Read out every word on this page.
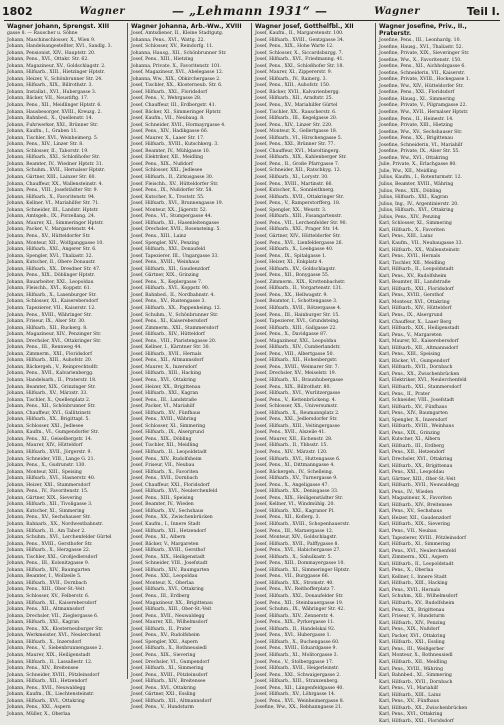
1802	Wagner	— „Lehmann 1931“ —	Wagner	Teil I.
Wagner Johann, Sprengst. XIII
gasse 8. — Rauscher u. Söhne
Johann, Maschinschlosser, X., Wien 9.
Johann, Handelsangestellter, XVI., Sandlg. 3.
Johann, Pensionist, XIV., Hauptstr. 20.
Johann, Pens., XVI., Ottakr. Str. 62.
Johann, Magazineur, XV., Goldschlagstr. 2.
Johann, Hilfsarb., XIII., Hietzinger Hptstr.
Johann, Heizer, V., Schönbrunner Str. 24.
Johann, Hilfsarb., XIX., Billrothstr. 3.
Johann, Installat., XVI., Hubergasse 3.
Johann, Bäcker, VII., Neustiftg. 17.
Johann, Pens., XII., Meidlinger Hptstr. 6.
Johann, Hausbesorger, XVIII., Kreuzg. 2.
Johann, Bahnbed., X., Quellenstr. 14.
Johann, Fuhrwerker, XXI., Brünner Str.
Johann, Kaufm., I., Graben 11.
Johann, Tischler, XVI., Weinheimerg. 5.
Johann, Pens., XIV., Linzer Str. 8.
Johann, Schlosser, II., Taborstr. 19.
Johann, Hilfsarb., XXI., Schloßhofer Str.
Johann, Beamter, IV., Wiedner Hptstr. 31.
Johann, Schuhm., XVII., Hernalser Hptstr.
Johann, Gärtner, XIII., Lainzer Str. 60.
Johann, Chauffeur, XX., Wallensteinstr. 4.
Johann, Pens., VIII., Josefstädter Str. 9.
Johann, Hilfsarb., X., Favoritenstr. 94.
Johann, Kellner, VI., Mariahilfer Str. 71.
Johann, Schneider, III., Landstr. Hptstr.
Johann, Amtsgeh., IX., Porzellang. 24.
Johann, Maurer, XI., Simmeringer Hptstr.
Johann, Packer, V., Margaretenstr. 44.
Johann, Pens., XV., Hütteldorfer Str.
Johann, Monteur, XII., Wolfganggasse 10.
Johann, Hilfsarb., XXI., Angerer Str. 6.
Johann, Spengler, XVI., Thaliastr. 32.
Johann, Kutscher, II., Obere Donaustr.
Johann, Hilfsarb., XX., Dresdner Str. 47.
Johann, Pens., XIX., Döblinger Hptstr.
Johann, Bauarbeiter, XXI., Leopoldau
Johann, Fleischh., XVI., Koppstr. 61.
Johann, Hilfsarb., X., Laxenburger Str.
Johann, Schlosser, XI., Kaiserebersdorf
Johann, Tapezierer, VII., Kaiserstr. 12.
Johann, Pens., XVIII., Währinger Str.
Johann, Friseur, IX., Alser Str. 30.
Johann, Hilfsarb., XII., Ruckerg. 8.
Johann, Magazineur, XIV., Penzinger Str.
Johann, Drechsler, XVI., Ottakringer Str.
Johann, Pens., III., Rennweg 44.
Johann, Zimmerm., XXI., Floridsdorf
Johann, Hilfsarb., XIII., Auhofstr. 20.
Johann, Bäckergeh., V., Reinprechtsdfr.
Johann, Pens., XVII., Kalvarienbergg.
Johann, Handelsarb., II., Praterstr. 18.
Johann, Beamter, XIX., Grinzinger Str.
Johann, Hilfsarb., XV., Märzstr. 33.
Johann, Tischler, X., Quellenplatz 2.
Johann, Pens., XII., Schönbrunner Str.
Johann, Chauffeur, XVI., Gallitzinstr.
Johann, Hilfsarb., XX., Brigittapl. 5.
Johann, Schlosser, XXI., Jedlesee
Johann, Kaufm., VI., Gumpendorfer Str.
Johann, Pens., XI., Geiselbergstr. 14.
Johann, Maurer, XIV., Hütteldorf
Johann, Hilfsarb., XVII., Jörgerstr. 9.
Johann, Schneider, VIII., Lange G. 21.
Johann, Pens., X., Gudrunstr. 130.
Johann, Monteur, XIII., Speising
Johann, Hilfsarb., XVI., Hasnerstr. 40.
Johann, Heizer, XXI., Stammersdorf
Johann, Pens., IV., Favoritenstr. 15.
Johann, Gärtner, XIX., Sievering
Johann, Hilfsarb., XII., Tivoligasse 3.
Johann, Kutscher, XI., Simmering
Johann, Pens., XV., Sechshauser Str.
Johann, Bahnarb., XX., Nordwestbahnstr.
Johann, Hilfsarb., II., Am Tabor 2.
Johann, Schuhm., XVI., Lerchenfelder Gürtel
Johann, Pens., XVIII., Gersthofer Str.
Johann, Hilfsarb., X., Herzgasse 22.
Johann, Tischler, XXI., Großjedlersdorf
Johann, Pens., III., Kolonitzgasse 9.
Johann, Hilfsarb., XIV., Baumgarten
Johann, Beamter, I., Wollzeile 5.
Johann, Hilfsarb., XVII., Dornbach
Johann, Pens., XIII., Ober-St.-Veit
Johann, Schlosser, XV., Felberstr. 6.
Johann, Hilfsarb., XI., Kaiserebersdorf
Johann, Pens., XII., Altmannsdorf
Johann, Drechsler, VII., Zieglergasse 6.
Johann, Hilfsarb., XXI., Kagran
Johann, Pens., XX., Klosterneuburger Str.
Johann, Werkmeister, XVI., Neulerchenf.
Johann, Hilfsarb., X., Inzersdorf
Johann, Pens., V., Siebenbrunnengasse 2.
Johann, Maurer, XIX., Heiligenstadt
Johann, Hilfsarb., II., Lassallestr. 12.
Johann, Pens., XIV., Breitensee
Johann, Schneider, XVIII., Pötzleinsdorf
Johann, Hilfsarb., XII., Hetzendorf
Johann, Pens., XVII., Neuwaldegg
Johann, Kaufm., IX., Liechtensteinstr.
Johann, Hilfsarb., XVI., Ottakring
Johann, Pens., XXI., Aspern
Johann, Müller, X., Oberlaa
Wagner Johanna, Arb.-Ww., XVIII
Josef, Amtsdiener, II., Kleine Stadtgutg.
Johanna, Pens., XVI., Wattg. 22.
Josef, Schlosser, XV., Reindorfg. 11.
Johanna, Hausg., XII., Schönbrunner Str.
Josef, Pens., XIII., Hietzing
Johanna, Private, X., Favoritenstr. 101.
Josef, Magazineur, XVI., Abelegasse 12.
Johanna, Ww., XIX., Obkirchergasse 2.
Josef, Tischler, XX., Klosterneub. Str. 6.
Josef, Hilfsarb., XXI., Floridsdorf
Josef, Pens., V., Wehrgasse 28.
Josef, Chauffeur, III., Erdbergstr. 41.
Josef, Bäcker, XI., Simmeringer Hptstr.
Josef, Kaufm., VII., Neubaug. 8.
Josef, Schneider, XVII., Hormayrgasse 4.
Josef, Pens., XIV., Hadikgasse 66.
Josef, Maurer, X., Laaer Str. 17.
Josef, Hilfsarb., XVIII., Kutschkerg. 3.
Josef, Beamter, IV., Mühlgasse 10.
Josef, Elektriker, XII., Meidling
Josef, Pens., XIX., Nußdorf
Josef, Schlosser, XXI., Jedlesee
Josef, Hilfsarb., II., Zirkusgasse 30.
Josef, Fleischh., XV., Hütteldorfer Str.
Josef, Pens., IX., Nußdorfer Str. 58.
Josef, Kutscher, X., Troststr. 55.
Josef, Hilfsarb., XVI., Brunnengasse 19.
Josef, Monteur, XX., Jägerstr. 52.
Josef, Pens., VI., Stumpergasse 44.
Josef, Hilfsarb., XI., Hasenleitengasse
Josef, Drechsler, XVII., Rosensteing. 5.
Josef, Pens., XIII., Lainz
Josef, Spengler, XIV., Penzing
Josef, Hilfsarb., XXI., Donaufeld
Josef, Tapezierer, III., Ungargasse 33.
Josef, Pens., XVIII., Weinhaus
Josef, Hilfsarb., XII., Gaudenzdorf
Josef, Gärtner, XIX., Grinzing
Josef, Pens., X., Keplergasse 7.
Josef, Hilfsarb., XVI., Koppstr. 90.
Josef, Bahnbed., II., Nordbahnstr. 4.
Josef, Pens., XV., Rustengasse 3.
Josef, Hilfsarb., XX., Pappenheimg. 12.
Josef, Schuhm., V., Schönbrunner Str.
Josef, Pens., XI., Kaiserebersdorf
Josef, Zimmerm., XXI., Stammersdorf
Josef, Hilfsarb., XIV., Hütteldorf
Josef, Pens., VIII., Piaristengasse 20.
Josef, Kellner, I., Kärntner Str. 30.
Josef, Hilfsarb., XVII., Hernals
Josef, Pens., XII., Altmannsdorf
Josef, Maurer, X., Inzersdorf
Josef, Hilfsarb., XIII., Hacking
Josef, Pens., XVI., Ottakring
Josef, Heizer, XX., Brigittenau
Josef, Hilfsarb., XXI., Kagran
Josef, Pens., III., Landstraße
Josef, Packer, VI., Mariahilf
Josef, Hilfsarb., XV., Fünfhaus
Josef, Pens., XVIII., Währing
Josef, Schlosser, XI., Simmering
Josef, Hilfsarb., IX., Alsergrund
Josef, Pens., XIX., Döbling
Josef, Tischler, XII., Meidling
Josef, Hilfsarb., II., Leopoldstadt
Josef, Pens., XIV., Rudolfsheim
Josef, Friseur, VII., Neubau
Josef, Hilfsarb., X., Favoriten
Josef, Pens., XVII., Dornbach
Josef, Chauffeur, XXI., Floridsdorf
Josef, Hilfsarb., XVI., Neulerchenfeld
Josef, Pens., XIII., Speising
Josef, Beamter, IV., Wieden
Josef, Hilfsarb., XV., Sechshaus
Josef, Pens., XX., Zwischenbrücken
Josef, Kaufm., I., Innere Stadt
Josef, Hilfsarb., XII., Hetzendorf
Josef, Pens., XI., Albern
Josef, Bäcker, V., Margareten
Josef, Hilfsarb., XVIII., Gersthof
Josef, Pens., XIX., Heiligenstadt
Josef, Schneider, VIII., Josefstadt
Josef, Hilfsarb., XIV., Baumgarten
Josef, Pens., XXI., Leopoldau
Josef, Monteur, X., Oberlaa
Josef, Hilfsarb., XVI., Ottakring
Josef, Pens., III., Erdberg
Josef, Magazineur, XX., Brigittenau
Josef, Hilfsarb., XIII., Ober-St.-Veit
Josef, Pens., XVII., Neuwaldegg
Josef, Maurer, XII., Wilhelmsdorf
Josef, Hilfsarb., II., Prater
Josef, Pens., XV., Rudolfsheim
Josef, Spengler, XXI., Aspern
Josef, Hilfsarb., X., Rothneusiedl
Josef, Pens., XIX., Sievering
Josef, Drechsler, VI., Gumpendorf
Josef, Hilfsarb., XI., Simmering
Josef, Pens., XVIII., Pötzleinsdorf
Josef, Hilfsarb., XIV., Breitensee
Josef, Pens., XVI., Ottakring
Josef, Gärtner, XXI., Essling
Josef, Hilfsarb., XII., Altmannsdorf
Josef, Pens., V., Hundsturm
Wagner Josef, Gotthelfbl., XII
Josef, Kaufm., II., Margaretenstr. 100.
Josef, Hilfsarb., XVIII., Gentzgasse 34.
Josef, Pens., XIX., Hohe Warte 12.
Josef, Schlosser, X., Siccardsburgg. 7.
Josef, Hilfsarb., XVI., Friedmanng. 41.
Josef, Pens., XXI., Schloßhofer Str. 18.
Josef, Maurer, XI., Zippererstr. 9.
Josef, Hilfsarb., IV., Rainerg. 3.
Josef, Pens., XIII., Auhofstr. 150.
Josef, Bäcker, XVII., Kalvarienbergg.
Josef, Hilfsarb., XII., Arndtstr. 25.
Josef, Pens., XV., Mariahilfer Gürtel
Josef, Tischler, XX., Rauscherstr. 6.
Josef, Hilfsarb., III., Kegelgasse 20.
Josef, Pens., XIV., Linzer Str. 220.
Josef, Monteur, X., Gellertgasse 18.
Josef, Hilfsarb., VI., Hirschengasse 5.
Josef, Pens., XXI., Brünner Str. 77.
Josef, Chauffeur, XVI., Maroltingerg.
Josef, Hilfsarb., XIX., Kahlenberger Str.
Josef, Pens., II., Große Pfarrgasse 7.
Josef, Schneider, XII., Ratschkyg. 12.
Josef, Hilfsarb., XI., Lorystr. 30.
Josef, Pens., XVIII., Martinstr. 66.
Josef, Kutscher, X., Sonnleithnerg.
Josef, Hilfsarb., XVII., Ottakringer Str.
Josef, Pens., V., Ramperstorfferg. 18.
Josef, Spengler, XX., Wexstr. 3.
Josef, Hilfsarb., XIII., Fasangartenstr.
Josef, Pens., VII., Lerchenfelder Str. 90.
Josef, Hilfsarb., XXI., Prager Str. 14.
Josef, Gärtner, XIV., Hütteldorfer Str.
Josef, Pens., XVI., Lienfeldergasse 26.
Josef, Hilfsarb., X., Leebgasse 40.
Josef, Pens., IX., Spitalgasse 1.
Josef, Heizer, XI., Enkplatz 4.
Josef, Hilfsarb., XV., Goldschlagstr.
Josef, Pens., XII., Bonygasse 55.
Josef, Zimmerm., XIX., Krottenbachstr.
Josef, Hilfsarb., II., Vorgartenstr. 131.
Josef, Pens., XX., Hellwagstr. 9.
Josef, Beamter, I., Schottengasse 3.
Josef, Hilfsarb., XVII., Rötzergasse 4.
Josef, Pens., III., Hainburger Str. 15.
Josef, Tapezierer, XVI., Grundsteing.
Josef, Hilfsarb., XIII., Gallgasse 22.
Josef, Pens., X., Davidgasse 87.
Josef, Magazineur, XXI., Leopoldau
Josef, Hilfsarb., XIV., Cumberlandstr.
Josef, Pens., VIII., Albertgasse 50.
Josef, Hilfsarb., XII., Hohenbergstr.
Josef, Pens., XVIII., Weimarer Str. 7.
Josef, Drechsler, XV., Meiselstr. 19.
Josef, Hilfsarb., XI., Braunhubergasse
Josef, Pens., XIX., Billrothstr. 80.
Josef, Hilfsarb., XVI., Wurlitzergasse
Josef, Pens., V., Kettenbrückeng. 4.
Josef, Schlosser, XX., Universumstr.
Josef, Hilfsarb., X., Reumannplatz 2.
Josef, Pens., XXI., Jedlersdorfer Str.
Josef, Hilfsarb., XIII., Veitingergasse
Josef, Pens., XVII., Alszeile 41.
Josef, Maurer, XII., Eichenstr. 28.
Josef, Hilfsarb., II., Ybbsstr. 15.
Josef, Pens., XIV., Märzstr. 120.
Josef, Hilfsarb., XVI., Huttengasse 6.
Josef, Pens., XI., Dittmanngasse 4.
Josef, Bäckergeh., IV., Schelleing.
Josef, Hilfsarb., XV., Turnergasse 9.
Josef, Pens., X., Angeligasse 47.
Josef, Hilfsarb., XX., Denisgasse 33.
Josef, Pens., XIX., Heiligenstädter Str.
Josef, Kellner, VI., Windmühlg. 20.
Josef, Hilfsarb., XXI., Kagraner Pl.
Josef, Pens., XII., Koflerg. 3.
Josef, Hilfsarb., XVIII., Schopenhauerstr.
Josef, Pens., III., Marxergasse 12.
Josef, Monteur, XIV., Goldschlagstr.
Josef, Hilfsarb., XVII., Palffygasse 8.
Josef, Pens., XVI., Habichergasse 27.
Josef, Hilfsarb., X., Sahulkastr. 5.
Josef, Pens., XIII., Dommayergasse 10.
Josef, Hilfsarb., XI., Simmeringer Hptstr.
Josef, Pens., VII., Burggasse 66.
Josef, Hilfsarb., XX., Stromstr. 40.
Josef, Pens., XV., Reithofferplatz 7.
Josef, Hilfsarb., XXI., Donaufelder Str.
Josef, Pens., XII., Steinbauergasse 19.
Josef, Schuhm., IX., Währinger Str. 42.
Josef, Hilfsarb., XIV., Zennerstr. 4.
Josef, Pens., XIX., Pyrkergasse 11.
Josef, Hilfsarb., II., Handelskai 92.
Josef, Pens., XVI., Hubergasse 1.
Josef, Hilfsarb., X., Buchengasse 60.
Josef, Pens., XVIII., Eduardgasse 9.
Josef, Hilfsarb., XI., Molitorgasse 3.
Josef, Pens., V., Stolberggasse 17.
Josef, Hilfsarb., XVII., Heigerleinstr.
Josef, Pens., XXI., Schwaigergasse 2.
Josef, Hilfsarb., XIII., Stranzenberg.
Josef, Pens., XII., Längenfeldgasse 40.
Josef, Hilfsarb., XV., Löhrgasse 14.
Josef, Pens., XVI., Weinheimergasse 8.
Josefine, Ww., XX., Rebhanngasse 21.
Wagner Josefine, Priv., II., Praterstr.
Josefine, Pens., III., Leonhardg. 10.
Josefine, Hausg., XVI., Thaliastr. 52.
Josefine, Private, XIX., Sieveringer Str.
Josefine, Ww., X., Favoritenstr. 150.
Josefine, Pens., XII., Aichholzgasse 6.
Josefine, Schneiderin, VII., Kaiserstr.
Josefine, Private, XVIII., Hockegasse 1.
Josefine, Ww., XIV., Hütteldorfer Str.
Josefine, Pens., XXI., Floridsdorf
Josefine, Hausg., XI., Simmering
Josefine, Private, V., Pilgramgasse 22.
Josefine, Ww., XVII., Hernalser Hptstr.
Josefine, Pens., II., Heinestr. 14.
Josefine, Private, XIII., Hietzing
Josefine, Ww., XV., Sechshauser Str.
Josefine, Pens., XX., Brigittenau
Josefine, Schneiderin, VI., Mariahilf
Josefine, Private, IX., Alser Str. 55.
Josefine, Ww., XVI., Ottakring
Julie, Private, X., Erlachgasse 80.
Julie, Ww., XII., Meidling
Julius, Kaufm., I., Rotenturmstr. 12.
Julius, Beamter, XVIII., Währing
Julius, Pens., XIX., Döbling
Julius, Hilfsarb., XXI., Kagran
Julius, Ing., IV., Argentinierstr. 20.
Julius, Hilfsarb., XVI., Ottakring
Julius, Pens., XIV., Penzing
Karl, Schlosser, XI., Simmering
Karl, Hilfsarb., X., Favoriten
Karl, Pens., XIII., Lainz
Karl, Kaufm., VII., Neubaugasse 33.
Karl, Hilfsarb., XX., Wallensteinstr.
Karl, Pens., XVII., Hernals
Karl, Tischler, XII., Meidling
Karl, Hilfsarb., II., Leopoldstadt
Karl, Pens., XV., Rudolfsheim
Karl, Beamter, III., Landstraße
Karl, Hilfsarb., XXI., Floridsdorf
Karl, Pens., XVIII., Gersthof
Karl, Monteur, XVI., Ottakring
Karl, Hilfsarb., XIV., Hütteldorf
Karl, Pens., IX., Alsergrund
Karl, Chauffeur, X., Laaer Berg
Karl, Hilfsarb., XIX., Heiligenstadt
Karl, Pens., V., Margareten
Karl, Maurer, XI., Kaiserebersdorf
Karl, Hilfsarb., XII., Altmannsdorf
Karl, Pens., XIII., Speising
Karl, Bäcker, VI., Gumpendorf
Karl, Hilfsarb., XVII., Dornbach
Karl, Pens., XX., Zwischenbrücken
Karl, Elektriker, XVI., Neulerchenfeld
Karl, Hilfsarb., XXI., Stammersdorf
Karl, Pens., II., Prater
Karl, Schneider, VIII., Josefstadt
Karl, Hilfsarb., XV., Fünfhaus
Karl, Pens., XIV., Baumgarten
Karl, Spengler, X., Inzersdorf
Karl, Hilfsarb., XVIII., Weinhaus
Karl, Pens., XIX., Grinzing
Karl, Kutscher, XI., Albern
Karl, Hilfsarb., III., Erdberg
Karl, Pens., XII., Hetzendorf
Karl, Drechsler, XVI., Ottakring
Karl, Hilfsarb., XX., Brigittenau
Karl, Pens., XXI., Leopoldau
Karl, Gärtner, XIII., Ober-St.-Veit
Karl, Hilfsarb., XVII., Neuwaldegg
Karl, Pens., IV., Wieden
Karl, Magazineur, X., Favoriten
Karl, Hilfsarb., XIV., Breitensee
Karl, Pens., XV., Sechshaus
Karl, Heizer, XII., Gaudenzdorf
Karl, Hilfsarb., XIX., Sievering
Karl, Pens., VII., Neubau
Karl, Tapezierer, XVIII., Pötzleinsdorf
Karl, Hilfsarb., XI., Simmering
Karl, Pens., XVI., Neulerchenfeld
Karl, Zimmerm., XXI., Aspern
Karl, Hilfsarb., II., Leopoldstadt
Karl, Pens., X., Oberlaa
Karl, Kellner, I., Innere Stadt
Karl, Hilfsarb., XIII., Hacking
Karl, Pens., XVII., Hernals
Karl, Schuhm., XII., Wilhelmsdorf
Karl, Hilfsarb., XV., Rudolfsheim
Karl, Pens., XX., Brigittenau
Karl, Friseur, V., Hundsturm
Karl, Hilfsarb., XIV., Penzing
Karl, Pens., XIX., Nußdorf
Karl, Packer, XVI., Ottakring
Karl, Hilfsarb., XXI., Essling
Karl, Pens., III., Weißgerber
Karl, Monteur, X., Rothneusiedl
Karl, Hilfsarb., XII., Meidling
Karl, Pens., XVIII., Währing
Karl, Bahnbed., XI., Simmering
Karl, Hilfsarb., XVII., Dornbach
Karl, Pens., VI., Mariahilf
Karl, Hilfsarb., XIII., Lainz
Karl, Pens., XV., Fünfhaus
Karl, Hilfsarb., XX., Zwischenbrücken
Karl, Pens., XVI., Ottakring
Karl, Hilfsarb., XXI., Floridsdorf
